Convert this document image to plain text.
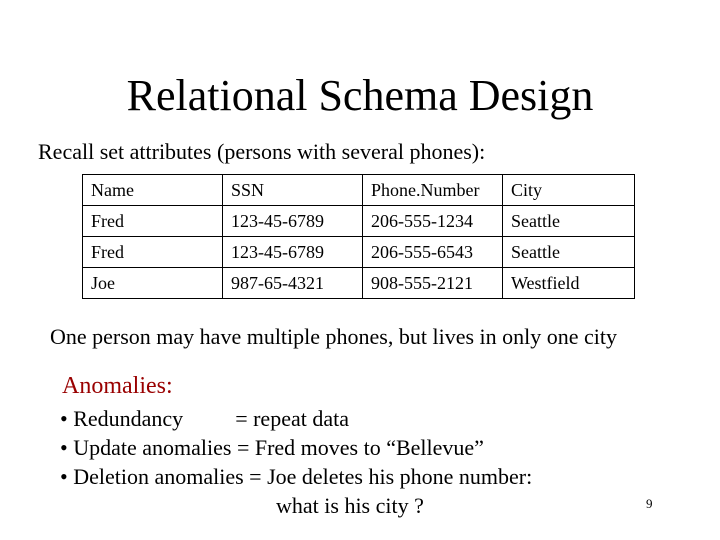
Relational Schema Design
Recall set attributes (persons with several phones):
Name	SSN	Phone.Number	City
Fred	123-45-6789	206-555-1234	Seattle
Fred	123-45-6789	206-555-6543	Seattle
Joe	987-65-4321	908-555-2121	Westfield
One person may have multiple phones, but lives in only one city
Anomalies:
• Redundancy = repeat data
• Update anomalies = Fred moves to “Bellevue”
• Deletion anomalies = Joe deletes his phone number:
what is his city ?	9
